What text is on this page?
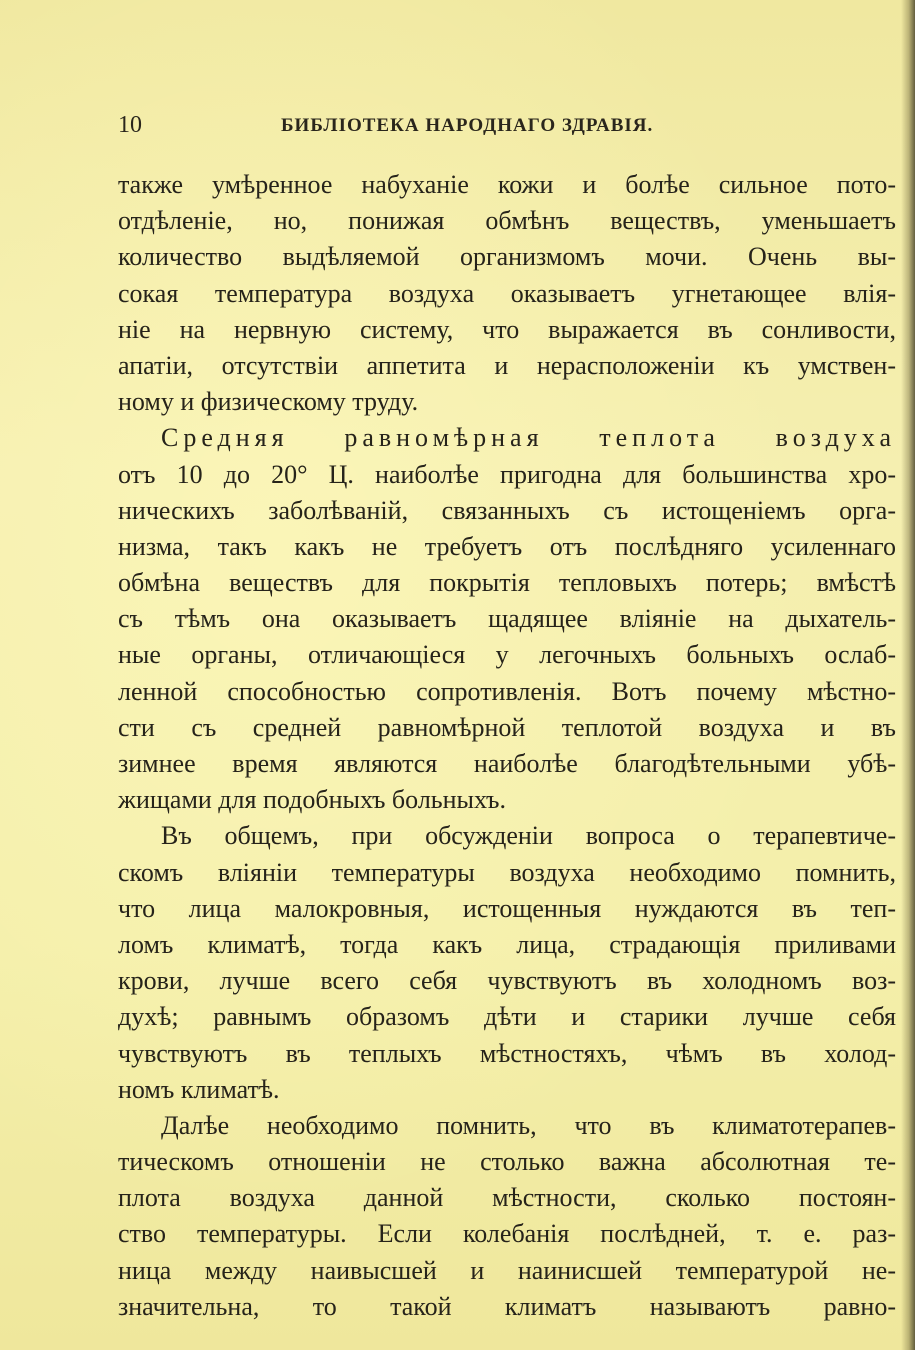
10	БИБЛIОТЕКА НАРОДНАГО ЗДРАВIЯ.
также умѣренное набуханiе кожи и болѣе сильное пото-
отдѣленiе, но, понижая обмѣнъ веществъ, уменьшаетъ
количество выдѣляемой организмомъ мочи. Очень вы-
сокая температура воздуха оказываетъ угнетающее влiя-
нiе на нервную систему, что выражается въ сонливости,
апатiи, отсутствiи аппетита и нерасположенiи къ умствен-
ному и физическому труду.
Средняя равномѣрная теплота воздуха
отъ 10 до 20° Ц. наиболѣе пригодна для большинства хро-
ническихъ заболѣванiй, связанныхъ съ истощенiемъ орга-
низма, такъ какъ не требуетъ отъ послѣдняго усиленнаго
обмѣна веществъ для покрытiя тепловыхъ потерь; вмѣстѣ
съ тѣмъ она оказываетъ щадящее влiянiе на дыхатель-
ные органы, отличающiеся у легочныхъ больныхъ ослаб-
ленной способностью сопротивленiя. Вотъ почему мѣстно-
сти съ средней равномѣрной теплотой воздуха и въ
зимнее время являются наиболѣе благодѣтельными убѣ-
жищами для подобныхъ больныхъ.
Въ общемъ, при обсужденiи вопроса о терапевтиче-
скомъ влiянiи температуры воздуха необходимо помнить,
что лица малокровныя, истощенныя нуждаются въ теп-
ломъ климатѣ, тогда какъ лица, страдающiя приливами
крови, лучше всего себя чувствуютъ въ холодномъ воз-
духѣ; равнымъ образомъ дѣти и старики лучше себя
чувствуютъ въ теплыхъ мѣстностяхъ, чѣмъ въ холод-
номъ климатѣ.
Далѣе необходимо помнить, что въ климатотерапев-
тическомъ отношенiи не столько важна абсолютная те-
плота воздуха данной мѣстности, сколько постоян-
ство температуры. Если колебанiя послѣдней, т. е. раз-
ница между наивысшей и наинисшей температурой не-
значительна, то такой климатъ называютъ равно-
